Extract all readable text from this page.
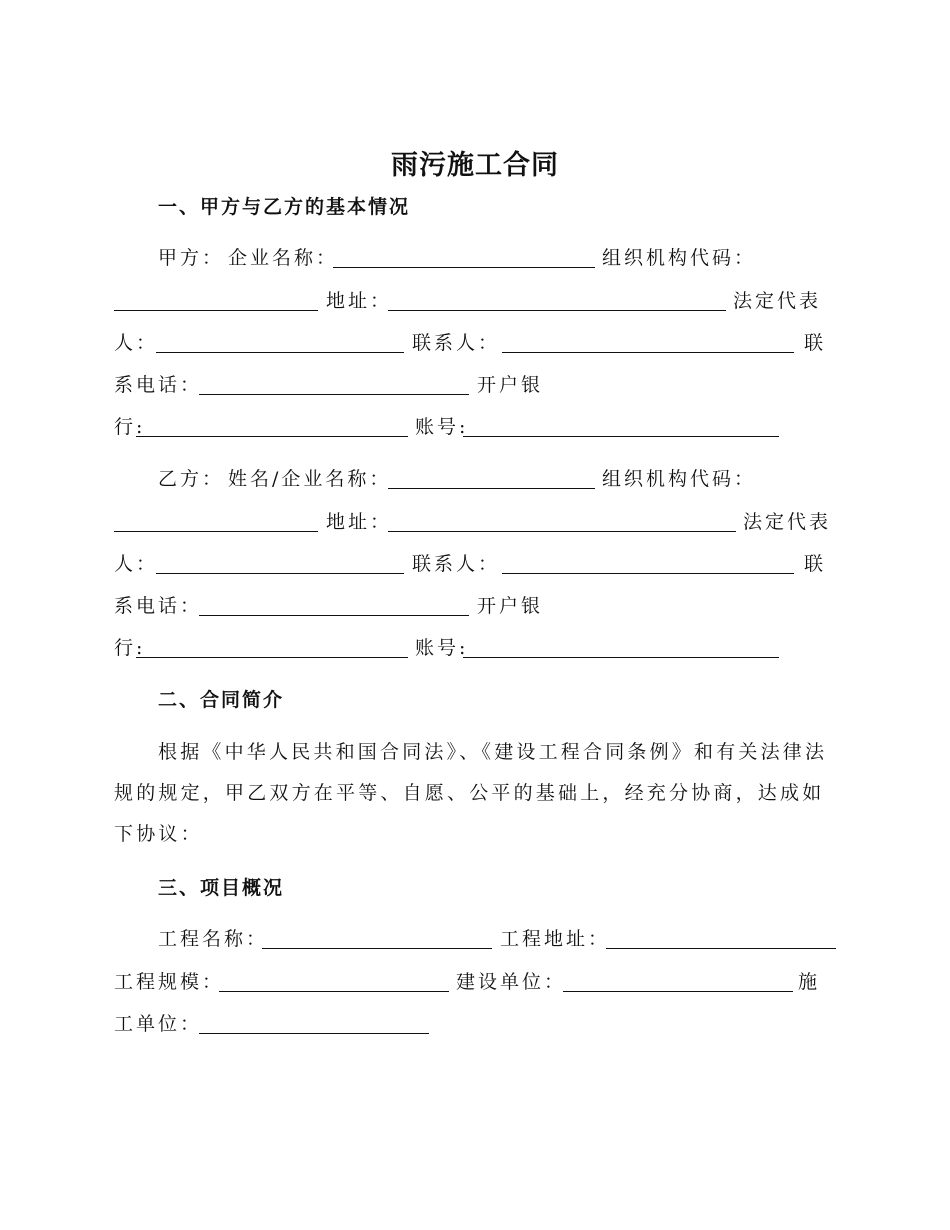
雨污施工合同
一、甲方与乙方的基本情况
甲方： 企业名称：	组织机构代码：
地址：	法定代表
人：	联系人：	联
系电话：	开户银
行:	账号:
乙方： 姓名/企业名称：	组织机构代码：
地址：	法定代表
人：	联系人：	联
系电话：	开户银
行:	账号:
二、合同简介

根据《中华人民共和国合同法》、《建设工程合同条例》和有关法律法规的规定，甲乙双方在平等、自愿、公平的基础上，经充分协商，达成如下协议：

三、项目概况
工程名称：	工程地址：
工程规模：	建设单位：	施
工单位：
